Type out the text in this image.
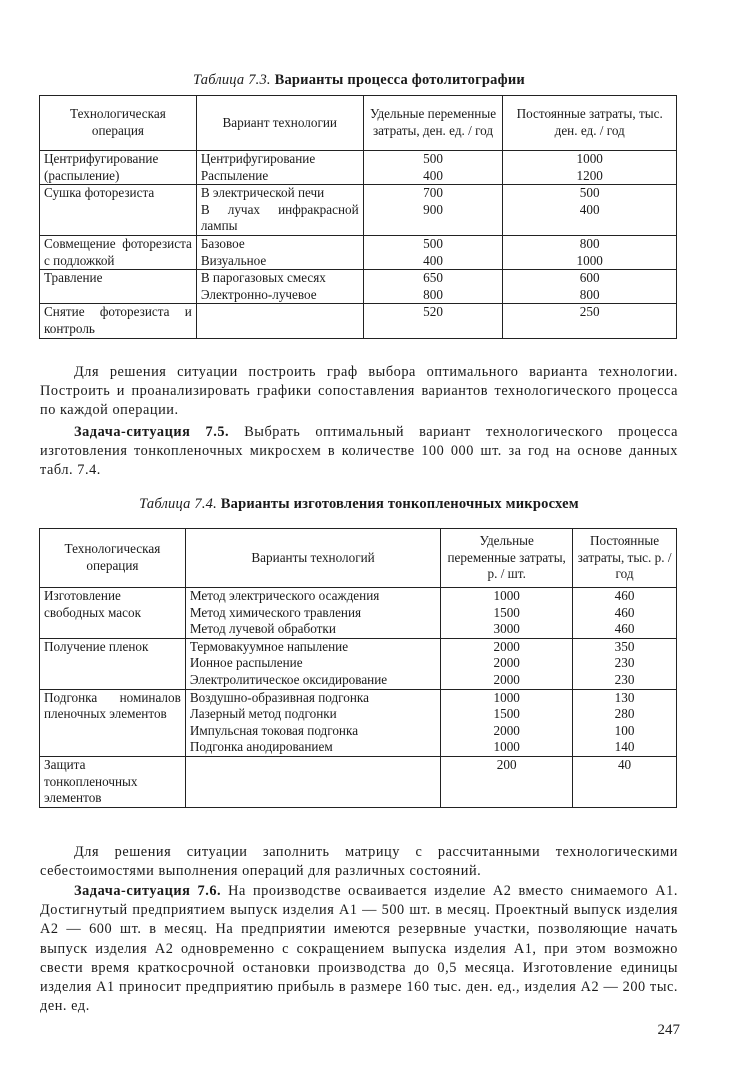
Таблица 7.3. Варианты процесса фотолитографии
Технологическая операция	Вариант технологии	Удельные переменные затраты, ден. ед. / год	Постоянные затраты, тыс. ден. ед. / год
Центрифугирование (распыление)	Центрифугирование	500	1000
	Распыление	400	1200
Сушка фоторезиста	В электрической печи	700	500
	В лучах инфракрасной лампы	900	400
Совмещение фоторезиста с подложкой	Базовое	500	800
	Визуальное	400	1000
Травление	В парогазовых смесях	650	600
	Электронно-лучевое	800	800
Снятие фоторезиста и контроль		520	250

Для решения ситуации построить граф выбора оптимального варианта технологии. Построить и проанализировать графики сопоставления вариантов технологического процесса по каждой операции.

Задача-ситуация 7.5. Выбрать оптимальный вариант технологического процесса изготовления тонкопленочных микросхем в количестве 100 000 шт. за год на основе данных табл. 7.4.

Таблица 7.4. Варианты изготовления тонкопленочных микросхем
Технологическая операция	Варианты технологий	Удельные переменные затраты, р. / шт.	Постоянные затраты, тыс. р. / год
Изготовление свободных масок	Метод электрического осаждения	1000	460
	Метод химического травления	1500	460
	Метод лучевой обработки	3000	460
Получение пленок	Термовакуумное напыление	2000	350
	Ионное распыление	2000	230
	Электролитическое оксидирование	2000	230
Подгонка номиналов пленочных элементов	Воздушно-образивная подгонка	1000	130
	Лазерный метод подгонки	1500	280
	Импульсная токовая подгонка	2000	100
	Подгонка анодированием	1000	140
Защита тонкопленочных элементов		200	40

Для решения ситуации заполнить матрицу с рассчитанными технологическими себестоимостями выполнения операций для различных состояний.

Задача-ситуация 7.6. На производстве осваивается изделие А2 вместо снимаемого А1. Достигнутый предприятием выпуск изделия А1 — 500 шт. в месяц. Проектный выпуск изделия А2 — 600 шт. в месяц. На предприятии имеются резервные участки, позволяющие начать выпуск изделия А2 одновременно с сокращением выпуска изделия А1, при этом возможно свести время краткосрочной остановки производства до 0,5 месяца. Изготовление единицы изделия А1 приносит предприятию прибыль в размере 160 тыс. ден. ед., изделия А2 — 200 тыс. ден. ед.

247
